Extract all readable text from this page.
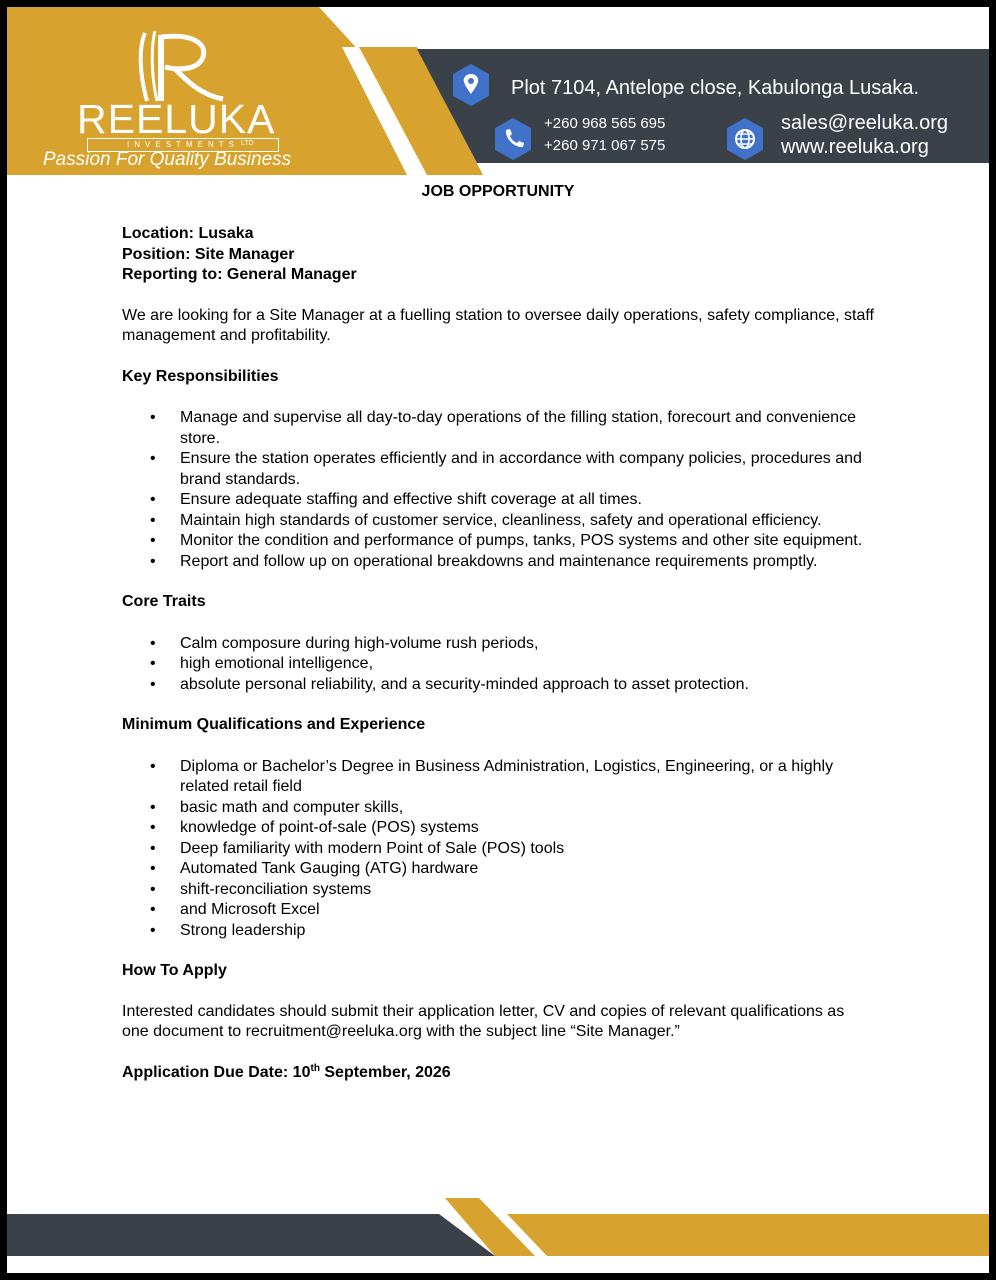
REELUKA
INVESTMENTS LTD
Passion For Quality Business
Plot 7104, Antelope close, Kabulonga Lusaka.
+260 968 565 695
+260 971 067 575
sales@reeluka.org
www.reeluka.org
JOB OPPORTUNITY

Location: Lusaka

Position: Site Manager

Reporting to: General Manager

We are looking for a Site Manager at a fuelling station to oversee daily operations, safety compliance, staff management and profitability.

Key Responsibilities

• Manage and supervise all day-to-day operations of the filling station, forecourt and convenience store.
• Ensure the station operates efficiently and in accordance with company policies, procedures and brand standards.
• Ensure adequate staffing and effective shift coverage at all times.
• Maintain high standards of customer service, cleanliness, safety and operational efficiency.
• Monitor the condition and performance of pumps, tanks, POS systems and other site equipment.
• Report and follow up on operational breakdowns and maintenance requirements promptly.

Core Traits

• Calm composure during high-volume rush periods,
• high emotional intelligence,
• absolute personal reliability, and a security-minded approach to asset protection.

Minimum Qualifications and Experience

• Diploma or Bachelor’s Degree in Business Administration, Logistics, Engineering, or a highly related retail field
• basic math and computer skills,
• knowledge of point-of-sale (POS) systems
• Deep familiarity with modern Point of Sale (POS) tools
• Automated Tank Gauging (ATG) hardware
• shift-reconciliation systems
• and Microsoft Excel
• Strong leadership

How To Apply

Interested candidates should submit their application letter, CV and copies of relevant qualifications as one document to recruitment@reeluka.org with the subject line “Site Manager.”

Application Due Date: 10th September, 2026
